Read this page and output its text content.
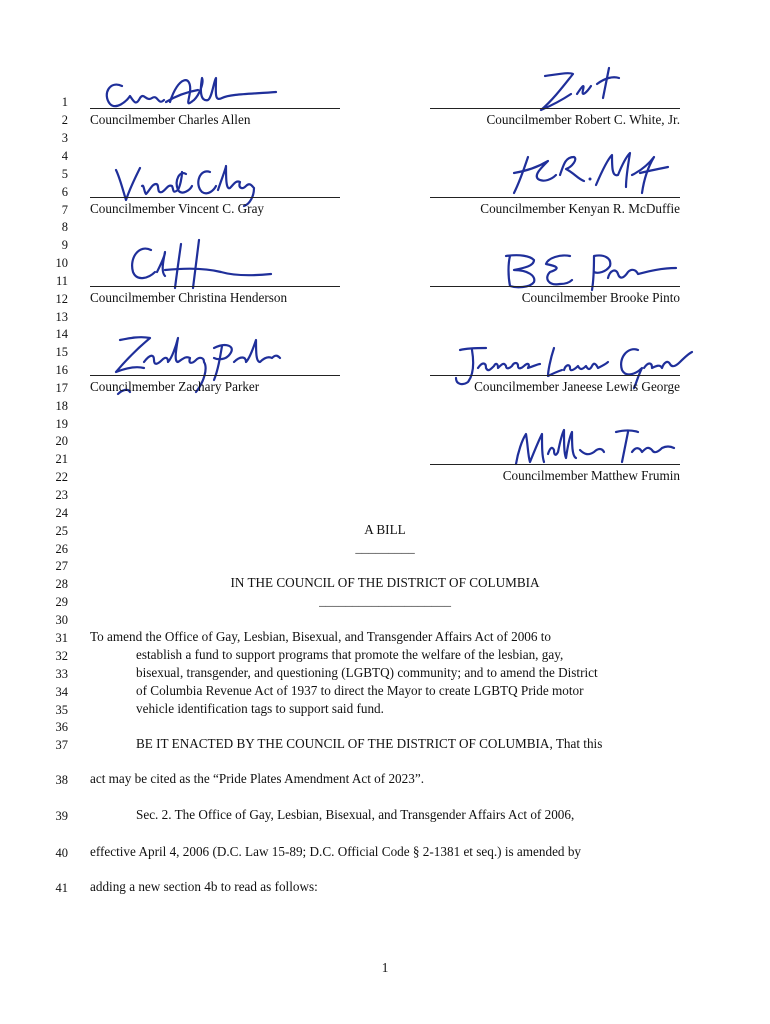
1
2
3
4
5
6
7
8
9
10
11
12
13
14
15
16
17
18
19
20
21
22
23
24
25
26
27
28
29
30
31
32
33
34
35
36
37
38
39
40
41
Councilmember Charles Allen	Councilmember Robert C. White, Jr.
Councilmember Vincent C. Gray	Councilmember Kenyan R. McDuffie
Councilmember Christina Henderson	Councilmember Brooke Pinto
Councilmember Zachary Parker	Councilmember Janeese Lewis George
Councilmember Matthew Frumin
A BILL
_________
IN THE COUNCIL OF THE DISTRICT OF COLUMBIA
____________________
To amend the Office of Gay, Lesbian, Bisexual, and Transgender Affairs Act of 2006 to
establish a fund to support programs that promote the welfare of the lesbian, gay,
bisexual, transgender, and questioning (LGBTQ) community; and to amend the District
of Columbia Revenue Act of 1937 to direct the Mayor to create LGBTQ Pride motor
vehicle identification tags to support said fund.
BE IT ENACTED BY THE COUNCIL OF THE DISTRICT OF COLUMBIA, That this
act may be cited as the “Pride Plates Amendment Act of 2023”.
Sec. 2. The Office of Gay, Lesbian, Bisexual, and Transgender Affairs Act of 2006,
effective April 4, 2006 (D.C. Law 15-89; D.C. Official Code § 2-1381 et seq.) is amended by
adding a new section 4b to read as follows:
1
